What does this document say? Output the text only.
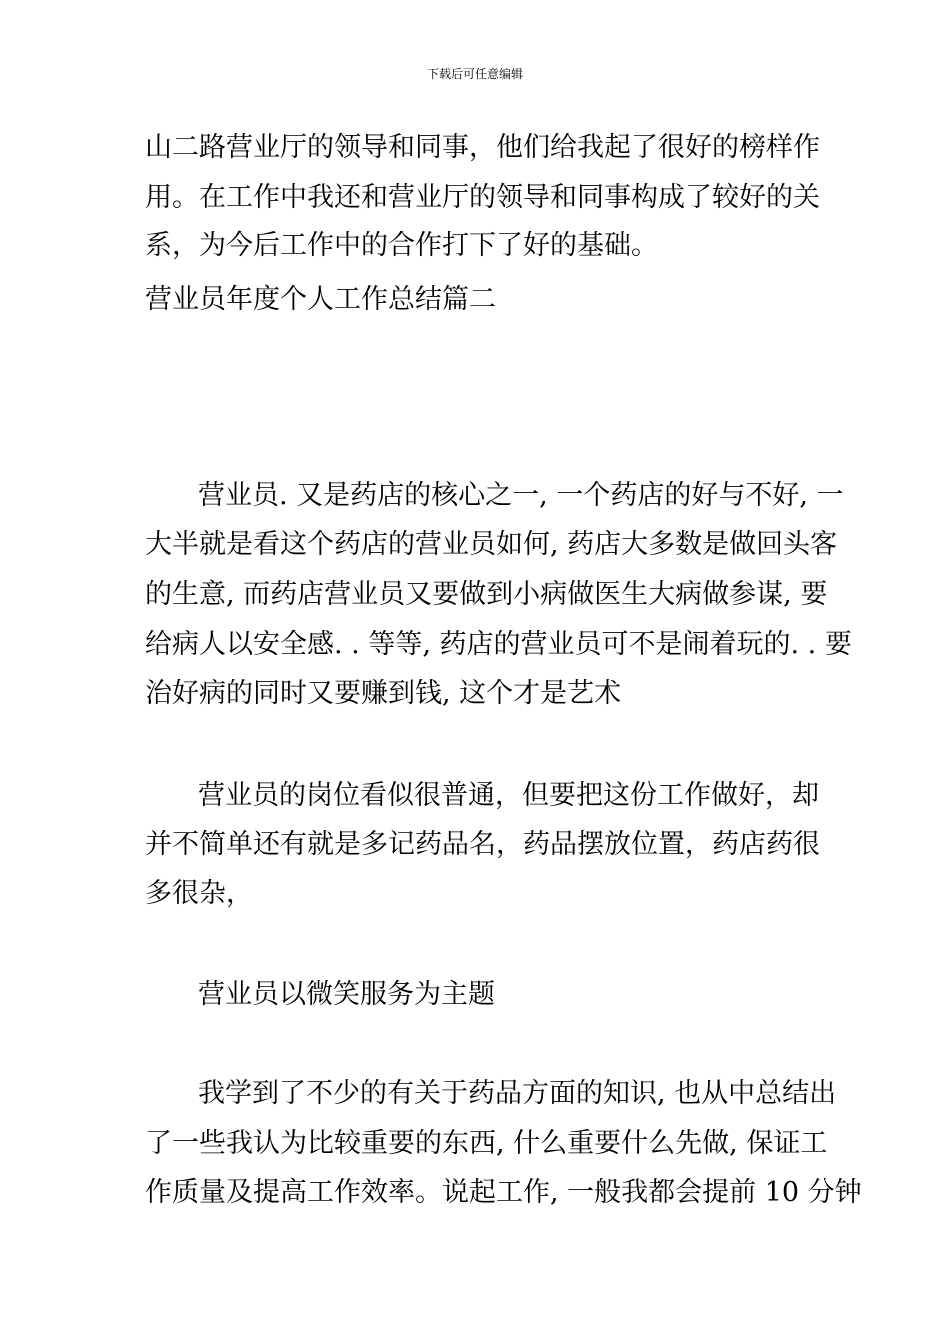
下载后可任意编辑
山二路营业厅的领导和同事，他们给我起了很好的榜样作
用。在工作中我还和营业厅的领导和同事构成了较好的关
系，为今后工作中的合作打下了好的基础。
营业员年度个人工作总结篇二
营业员. 又是药店的核心之一, 一个药店的好与不好, 一
大半就是看这个药店的营业员如何, 药店大多数是做回头客
的生意, 而药店营业员又要做到小病做医生大病做参谋, 要
给病人以安全感. . 等等, 药店的营业员可不是闹着玩的. . 要
治好病的同时又要赚到钱, 这个才是艺术
营业员的岗位看似很普通，但要把这份工作做好，却
并不简单还有就是多记药品名，药品摆放位置，药店药很
多很杂，
营业员以微笑服务为主题
我学到了不少的有关于药品方面的知识, 也从中总结出
了一些我认为比较重要的东西, 什么重要什么先做, 保证工
作质量及提高工作效率。说起工作, 一般我都会提前 10 分钟
